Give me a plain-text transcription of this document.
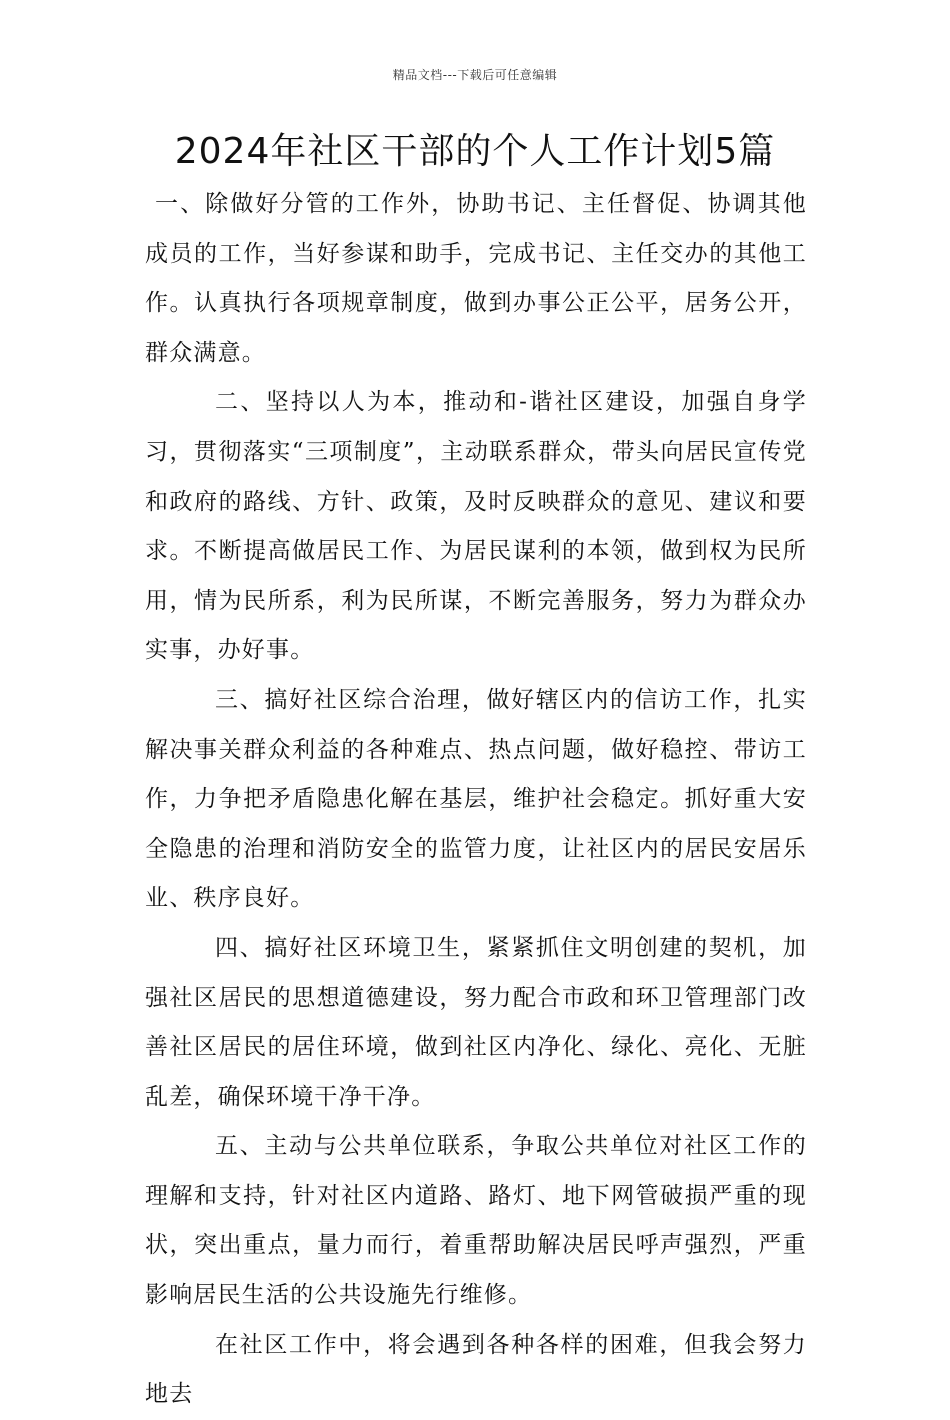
精品文档---下载后可任意编辑
2024年社区干部的个人工作计划5篇

一、除做好分管的工作外，协助书记、主任督促、协调其他成员的工作，当好参谋和助手，完成书记、主任交办的其他工作。认真执行各项规章制度，做到办事公正公平，居务公开，群众满意。

二、坚持以人为本，推动和-谐社区建设，加强自身学习，贯彻落实“三项制度”，主动联系群众，带头向居民宣传党和政府的路线、方针、政策，及时反映群众的意见、建议和要求。不断提高做居民工作、为居民谋利的本领，做到权为民所用，情为民所系，利为民所谋，不断完善服务，努力为群众办实事，办好事。

三、搞好社区综合治理，做好辖区内的信访工作，扎实解决事关群众利益的各种难点、热点问题，做好稳控、带访工作，力争把矛盾隐患化解在基层，维护社会稳定。抓好重大安全隐患的治理和消防安全的监管力度，让社区内的居民安居乐业、秩序良好。

四、搞好社区环境卫生，紧紧抓住文明创建的契机，加强社区居民的思想道德建设，努力配合市政和环卫管理部门改善社区居民的居住环境，做到社区内净化、绿化、亮化、无脏乱差，确保环境干净干净。

五、主动与公共单位联系，争取公共单位对社区工作的理解和支持，针对社区内道路、路灯、地下网管破损严重的现状，突出重点，量力而行，着重帮助解决居民呼声强烈，严重影响居民生活的公共设施先行维修。

在社区工作中，将会遇到各种各样的困难，但我会努力地去
